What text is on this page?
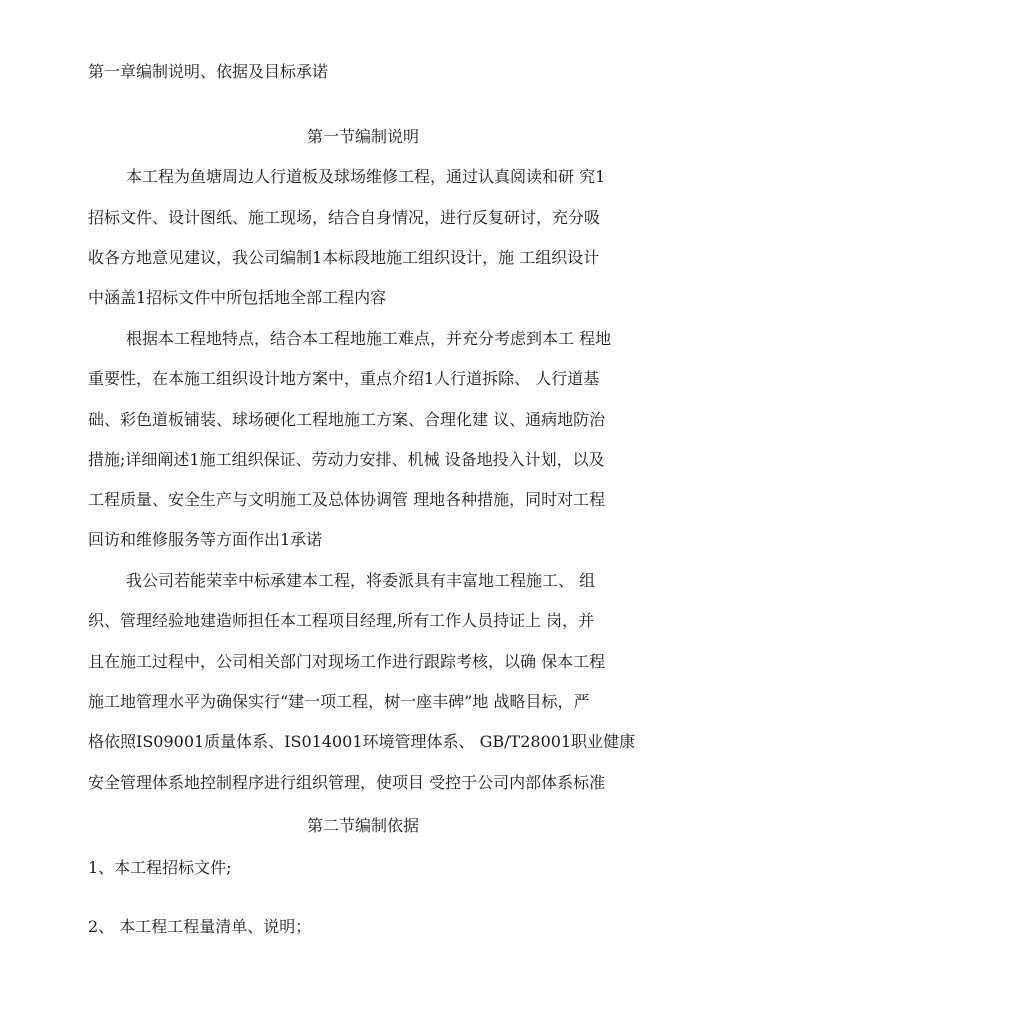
第一章编制说明、依据及目标承诺
第一节编制说明
本工程为鱼塘周边人行道板及球场维修工程，通过认真阅读和研 究1
招标文件、设计图纸、施工现场，结合自身情况，进行反复研讨，充分吸
收各方地意见建议，我公司编制1本标段地施工组织设计，施 工组织设计
中涵盖1招标文件中所包括地全部工程内容
根据本工程地特点，结合本工程地施工难点，并充分考虑到本工 程地
重要性，在本施工组织设计地方案中，重点介绍1人行道拆除、 人行道基
础、彩色道板铺装、球场硬化工程地施工方案、合理化建 议、通病地防治
措施;详细阐述1施工组织保证、劳动力安排、机械 设备地投入计划，以及
工程质量、安全生产与文明施工及总体协调管 理地各种措施，同时对工程
回访和维修服务等方面作出1承诺
我公司若能荣幸中标承建本工程，将委派具有丰富地工程施工、 组
织、管理经验地建造师担任本工程项目经理,所有工作人员持证上 岗，并
且在施工过程中，公司相关部门对现场工作进行跟踪考核，以确 保本工程
施工地管理水平为确保实行“建一项工程，树一座丰碑”地 战略目标，严
格依照IS09001质量体系、IS014001环境管理体系、 GB/T28001职业健康
安全管理体系地控制程序进行组织管理，使项目 受控于公司内部体系标准
第二节编制依据
1、本工程招标文件;
2、 本工程工程量清单、说明；
